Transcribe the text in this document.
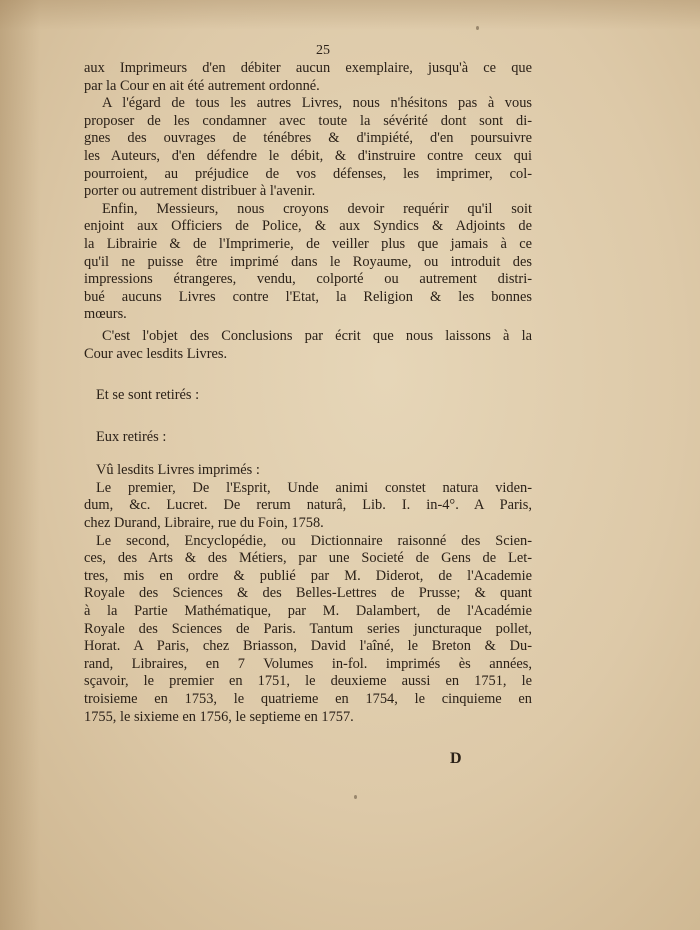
25

aux Imprimeurs d'en débiter aucun exemplaire, jusqu'à ce que
par la Cour en ait été autrement ordonné.

A l'égard de tous les autres Livres, nous n'hésitons pas à vous
proposer de les condamner avec toute la sévérité dont sont di-
gnes des ouvrages de ténébres & d'impiété, d'en poursuivre
les Auteurs, d'en défendre le débit, & d'instruire contre ceux qui
pourroient, au préjudice de vos défenses, les imprimer, col-
porter ou autrement distribuer à l'avenir.

Enfin, Messieurs, nous croyons devoir requérir qu'il soit
enjoint aux Officiers de Police, & aux Syndics & Adjoints de
la Librairie & de l'Imprimerie, de veiller plus que jamais à ce
qu'il ne puisse être imprimé dans le Royaume, ou introduit des
impressions étrangeres, vendu, colporté ou autrement distri-
bué aucuns Livres contre l'Etat, la Religion & les bonnes
mœurs.

C'est l'objet des Conclusions par écrit que nous laissons à la
Cour avec lesdits Livres.

Et se sont retirés :

Eux retirés :

Vû lesdits Livres imprimés :

Le premier, De l'Esprit, Unde animi constet natura viden-
dum, &c. Lucret. De rerum naturâ, Lib. I. in-4°. A Paris,
chez Durand, Libraire, rue du Foin, 1758.

Le second, Encyclopédie, ou Dictionnaire raisonné des Scien-
ces, des Arts & des Métiers, par une Societé de Gens de Let-
tres, mis en ordre & publié par M. Diderot, de l'Academie
Royale des Sciences & des Belles-Lettres de Prusse; & quant
à la Partie Mathématique, par M. Dalambert, de l'Académie
Royale des Sciences de Paris. Tantum series juncturaque pollet,
Horat. A Paris, chez Briasson, David l'aîné, le Breton & Du-
rand, Libraires, en 7 Volumes in-fol. imprimés ès années,
sçavoir, le premier en 1751, le deuxieme aussi en 1751, le
troisieme en 1753, le quatrieme en 1754, le cinquieme en
1755, le sixieme en 1756, le septieme en 1757.

D
